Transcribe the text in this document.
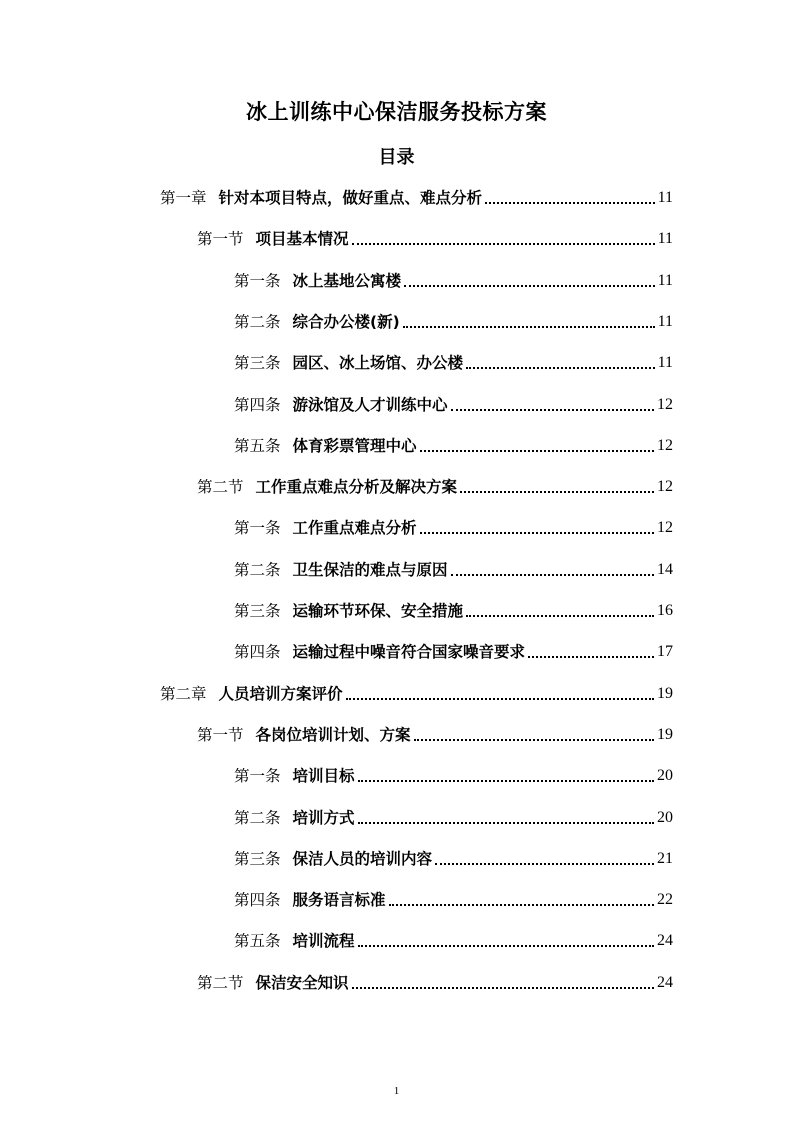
冰上训练中心保洁服务投标方案
目录
第一章 针对本项目特点，做好重点、难点分析	11
第一节 项目基本情况	11
第一条 冰上基地公寓楼	11
第二条 综合办公楼(新)	11
第三条 园区、冰上场馆、办公楼	11
第四条 游泳馆及人才训练中心	12
第五条 体育彩票管理中心	12
第二节 工作重点难点分析及解决方案	12
第一条 工作重点难点分析	12
第二条 卫生保洁的难点与原因	14
第三条 运输环节环保、安全措施	16
第四条 运输过程中噪音符合国家噪音要求	17
第二章 人员培训方案评价	19
第一节 各岗位培训计划、方案	19
第一条 培训目标	20
第二条 培训方式	20
第三条 保洁人员的培训内容	21
第四条 服务语言标准	22
第五条 培训流程	24
第二节 保洁安全知识	24
1
